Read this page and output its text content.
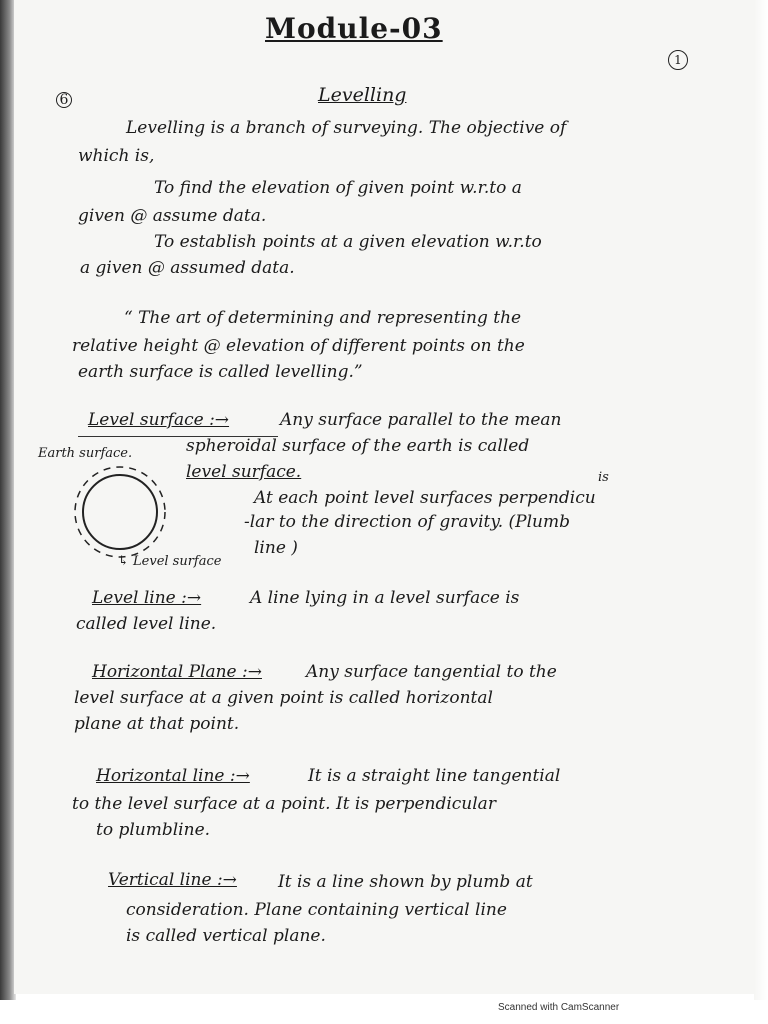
Module-03
1
6	Levelling
Levelling is a branch of surveying. The objective of
which is,
To find the elevation of given point w.r.to a
given @ assume data.
To establish points at a given elevation w.r.to
a given @ assumed data.
“ The art of determining and representing the
relative height @ elevation of different points on the
earth surface is called levelling.”
Level surface :→	Any surface parallel to the mean
Earth surface.	spheroidal surface of the earth is called
level surface.	is
At each point level surfaces perpendicu
-lar to the direction of gravity. (Plumb
line )
↳ Level surface
Level line :→	A line lying in a level surface is
called level line.
Horizontal Plane :→	Any surface tangential to the
level surface at a given point is called horizontal
plane at that point.
Horizontal line :→	It is a straight line tangential
to the level surface at a point. It is perpendicular
to plumbline.
Vertical line :→ It is a line shown by plumb at
consideration. Plane containing vertical line
is called vertical plane.
Scanned with CamScanner
